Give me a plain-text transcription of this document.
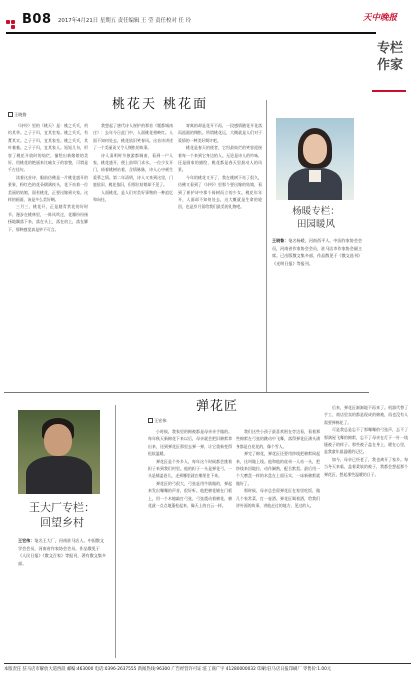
B08 2017年4月21日 星期五 责任编辑 王 莹 责任校对 任 玲	天中晚报
专栏
作家
王晓鲁
桃花天 桃花面

《诗经》里的《桃天》是：桃之夭夭，灼灼其华。之子于归，宜其室家。桃之夭夭，有蕡其实。之子于归，宜其家室。桃之夭夭，其叶蓁蓁。之子于归，宜其家人。短短几句，形容了桃花开放时的灿烂，描绘出新嫁娘的美好，用桃花的艳丽来比喻女子的容貌，可谓是千古佳句。

读着这首诗，眼前仿佛是一片桃花盛开的景象，粉红色的花朵缀满枝头，花下站着一位美丽的姑娘，面若桃花，正要出嫁到夫家。这样的画面，该是多么美好啊。

三月三，桃花开，正是踏青赏花的好时节。漫步在桃林里，一阵风吹过，花瓣纷纷扬扬地飘落下来，落在头上，落在肩上，落在脚下，那种感觉真是妙不可言。

我想起了唐代诗人崔护的那首《题都城南庄》：去年今日此门中，人面桃花相映红。人面不知何处去，桃花依旧笑春风。这首诗讲述了一个美丽而又令人惆怅的故事。

诗人清明时节独游都城南，看到一户人家，桃花盛开，便上前叩门求水。一位少女开门，倚着桃树站着，含情脉脉，诗人心中顿生爱慕之情。第二年清明，诗人又来到这里，门庭依旧，桃花依旧，但那位姑娘却不见了。

人面桃花，是人们对美好事物的一种追忆和向往。

寄寓的却是花开不再，一段感情随花开花落而流逝的惆怅。所谓桃花运，大概就是人们对于爱情的一种美好期许吧。

桃花是春天的使者，它用最灿烂的笑容迎接着每一个来到它身边的人。无论是诗人的吟咏，还是画家的描绘，桃花都是春天里最动人的风景。

今年的桃花又开了，我在桃树下站了很久，仿佛又看到了《诗经》里那个要出嫁的姑娘，看到了崔护诗中那个倚树而立的少女。桃花年年开，人面却不知何处去，这大概就是生命的轮回，也是岁月留给我们最美的礼物吧。	杨暖专栏：
田园暖风
王晓鲁：笔名杨暖，河南西平人。中国作家协会会员，河南省作家协会会员，驻马店市作家协会副主席。已出版散文集多部，作品散见于《散文选刊》《光明日报》等报刊。
弹花匠
王宏伟
王大厂专栏：
回望乡村
王宏伟：笔名王大厂，河南驻马店人。中国散文学会会员，河南省作家协会会员。作品散见于《人民日报》《散文百家》等报刊，著有散文集多部。

小时候，我家里的棉被都是母亲亲手做的。每年秋天新棉花下来以后，母亲就会把旧棉絮拿出来，送到弹花匠那里去弹一弹，让它重新变得松软温暖。

弹花匠是个外乡人，每年这个时候都会挑着担子来到我们村里。他的担子一头是弹花弓，一头是铺盖卷儿，走到哪里就在哪里住下来。

弹花匠的弓很大，弓弦是用牛筋做的，弹起来发出嘣嘣的声音，很好听。他把棉花铺在门板上，用一个木槌敲打弓弦，弓弦震动着棉花，棉花就一点点地蓬松起来，像天上的白云一样。

我们这些小孩子最喜欢围在旁边看，看着那些棉絮在弓弦的跳动中飞舞，落得弹花匠满头满身都是白花花的，像个雪人。

弹完了棉花，弹花匠还要用纱线把棉絮网起来，这叫做上线。他和他的徒弟一人站一头，把纱线来回地拉，动作娴熟，配合默契。最后用一个大磨盘一样的木盘在上面压实，一床新棉絮就做好了。

那时候，母亲总会留弹花匠在家里吃饭，做几个家常菜，打一壶酒。弹花匠喝着酒，给我们讲外面的故事，讲他走过的地方，见过的人。

后来，弹花匠渐渐地不再来了。机器代替了手工，商店里卖的都是现成的棉被，再也没有人需要弹棉花了。

可是我总是忘不了那嘣嘣的弓弦声，忘不了那满屋飞舞的棉絮，忘不了母亲在灯下一针一线缝被子的样子。那些被子盖在身上，暖在心里，是我童年最温暖的记忆。

如今，母亲已经老了，我也离开了家乡。每当冬天来临，盖着柔软的被子，我都会想起那个弹花匠，想起那些温暖的日子。

本版责任 驻马店市解放大道西段 邮编:463000 电话:0396-2637555 新闻热线:96300 广告经营许可证:驻工商广字 41280000032 印刷:驻马店日报印刷厂 零售价:1.00元
